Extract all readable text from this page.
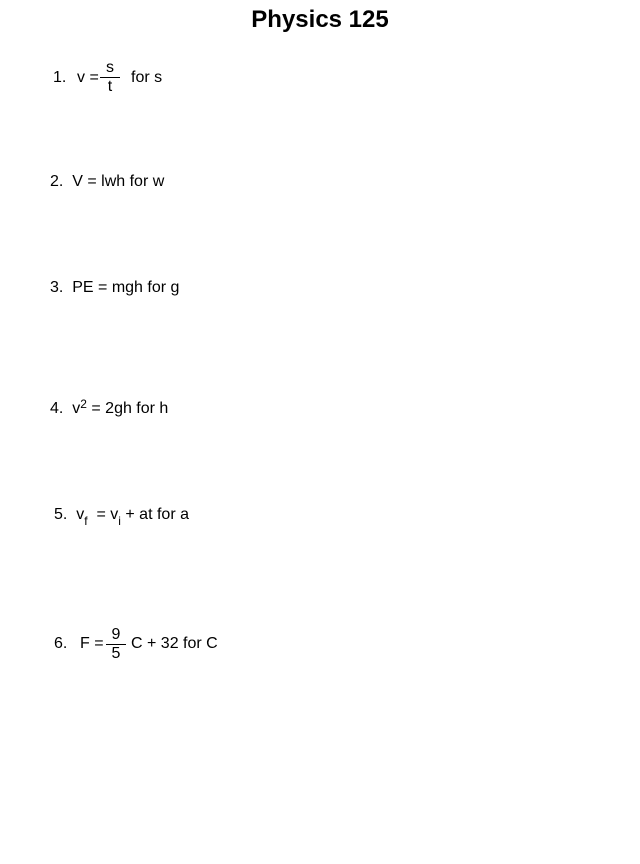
Physics 125
1. v =
s
t
for s
2. V = lwh for w
3. PE = mgh for g
4. $v^2 = 2gh$ for h
5. $v_f = v_i$ + at for a
6. F =
9
5
C + 32 for C
